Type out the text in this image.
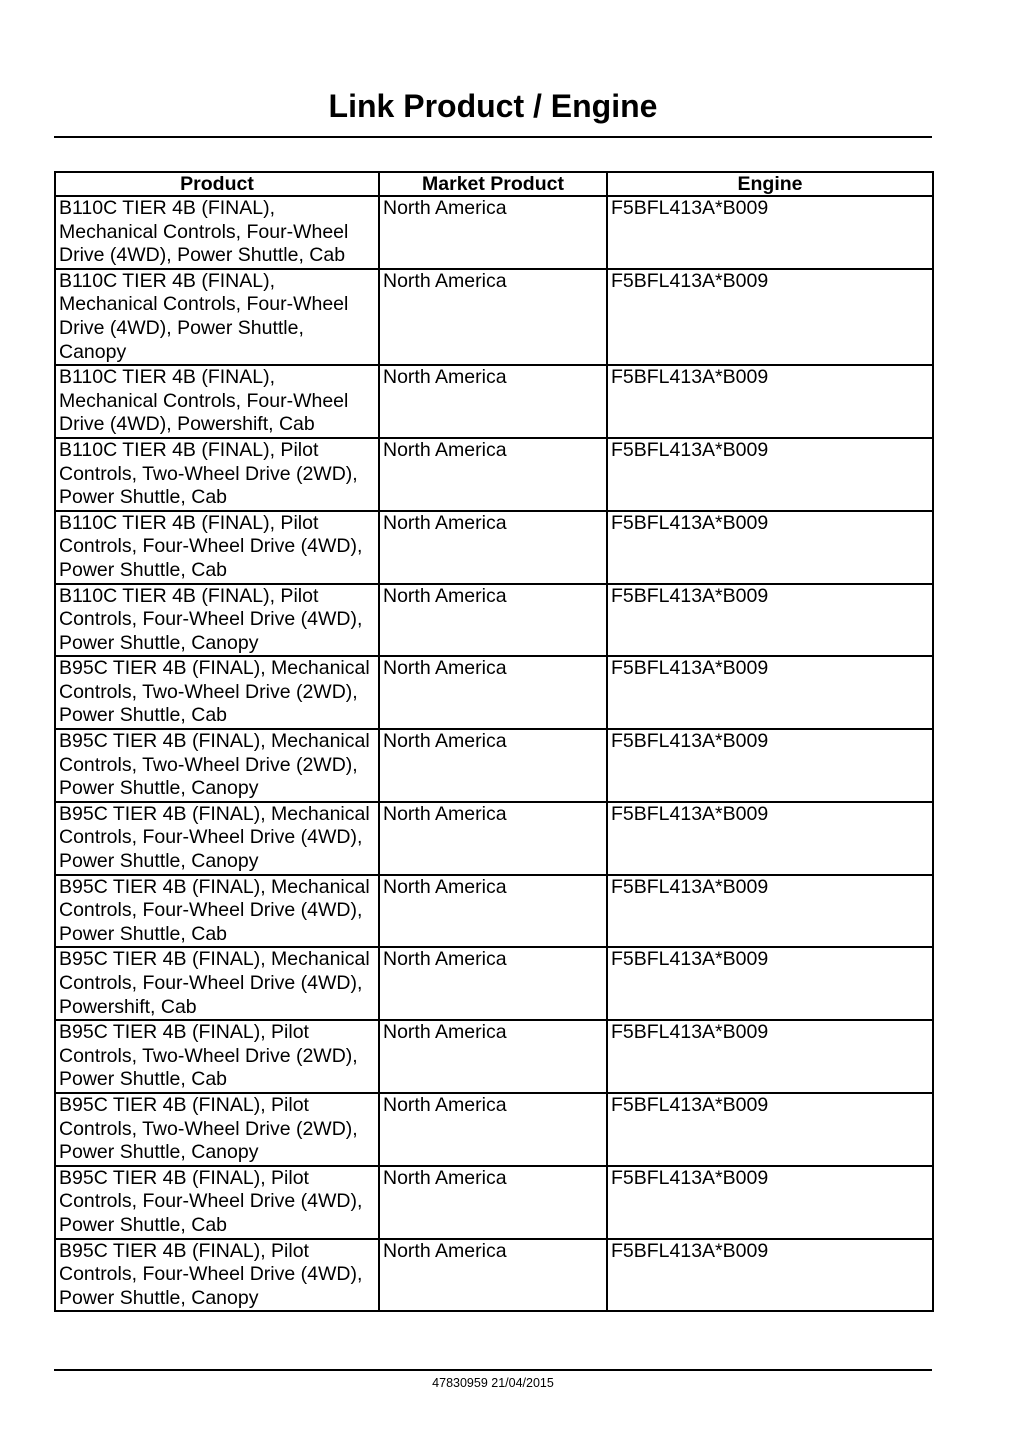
Link Product / Engine
Product	Market Product	Engine
B110C TIER 4B (FINAL), Mechanical Controls, Four-Wheel Drive (4WD), Power Shuttle, Cab	North America	F5BFL413A*B009
B110C TIER 4B (FINAL), Mechanical Controls, Four-Wheel Drive (4WD), Power Shuttle, Canopy	North America	F5BFL413A*B009
B110C TIER 4B (FINAL), Mechanical Controls, Four-Wheel Drive (4WD), Powershift, Cab	North America	F5BFL413A*B009
B110C TIER 4B (FINAL), Pilot Controls, Two-Wheel Drive (2WD), Power Shuttle, Cab	North America	F5BFL413A*B009
B110C TIER 4B (FINAL), Pilot Controls, Four-Wheel Drive (4WD), Power Shuttle, Cab	North America	F5BFL413A*B009
B110C TIER 4B (FINAL), Pilot Controls, Four-Wheel Drive (4WD), Power Shuttle, Canopy	North America	F5BFL413A*B009
B95C TIER 4B (FINAL), Mechanical Controls, Two-Wheel Drive (2WD), Power Shuttle, Cab	North America	F5BFL413A*B009
B95C TIER 4B (FINAL), Mechanical Controls, Two-Wheel Drive (2WD), Power Shuttle, Canopy	North America	F5BFL413A*B009
B95C TIER 4B (FINAL), Mechanical Controls, Four-Wheel Drive (4WD), Power Shuttle, Canopy	North America	F5BFL413A*B009
B95C TIER 4B (FINAL), Mechanical Controls, Four-Wheel Drive (4WD), Power Shuttle, Cab	North America	F5BFL413A*B009
B95C TIER 4B (FINAL), Mechanical Controls, Four-Wheel Drive (4WD), Powershift, Cab	North America	F5BFL413A*B009
B95C TIER 4B (FINAL), Pilot Controls, Two-Wheel Drive (2WD), Power Shuttle, Cab	North America	F5BFL413A*B009
B95C TIER 4B (FINAL), Pilot Controls, Two-Wheel Drive (2WD), Power Shuttle, Canopy	North America	F5BFL413A*B009
B95C TIER 4B (FINAL), Pilot Controls, Four-Wheel Drive (4WD), Power Shuttle, Cab	North America	F5BFL413A*B009
B95C TIER 4B (FINAL), Pilot Controls, Four-Wheel Drive (4WD), Power Shuttle, Canopy	North America	F5BFL413A*B009
47830959 21/04/2015
